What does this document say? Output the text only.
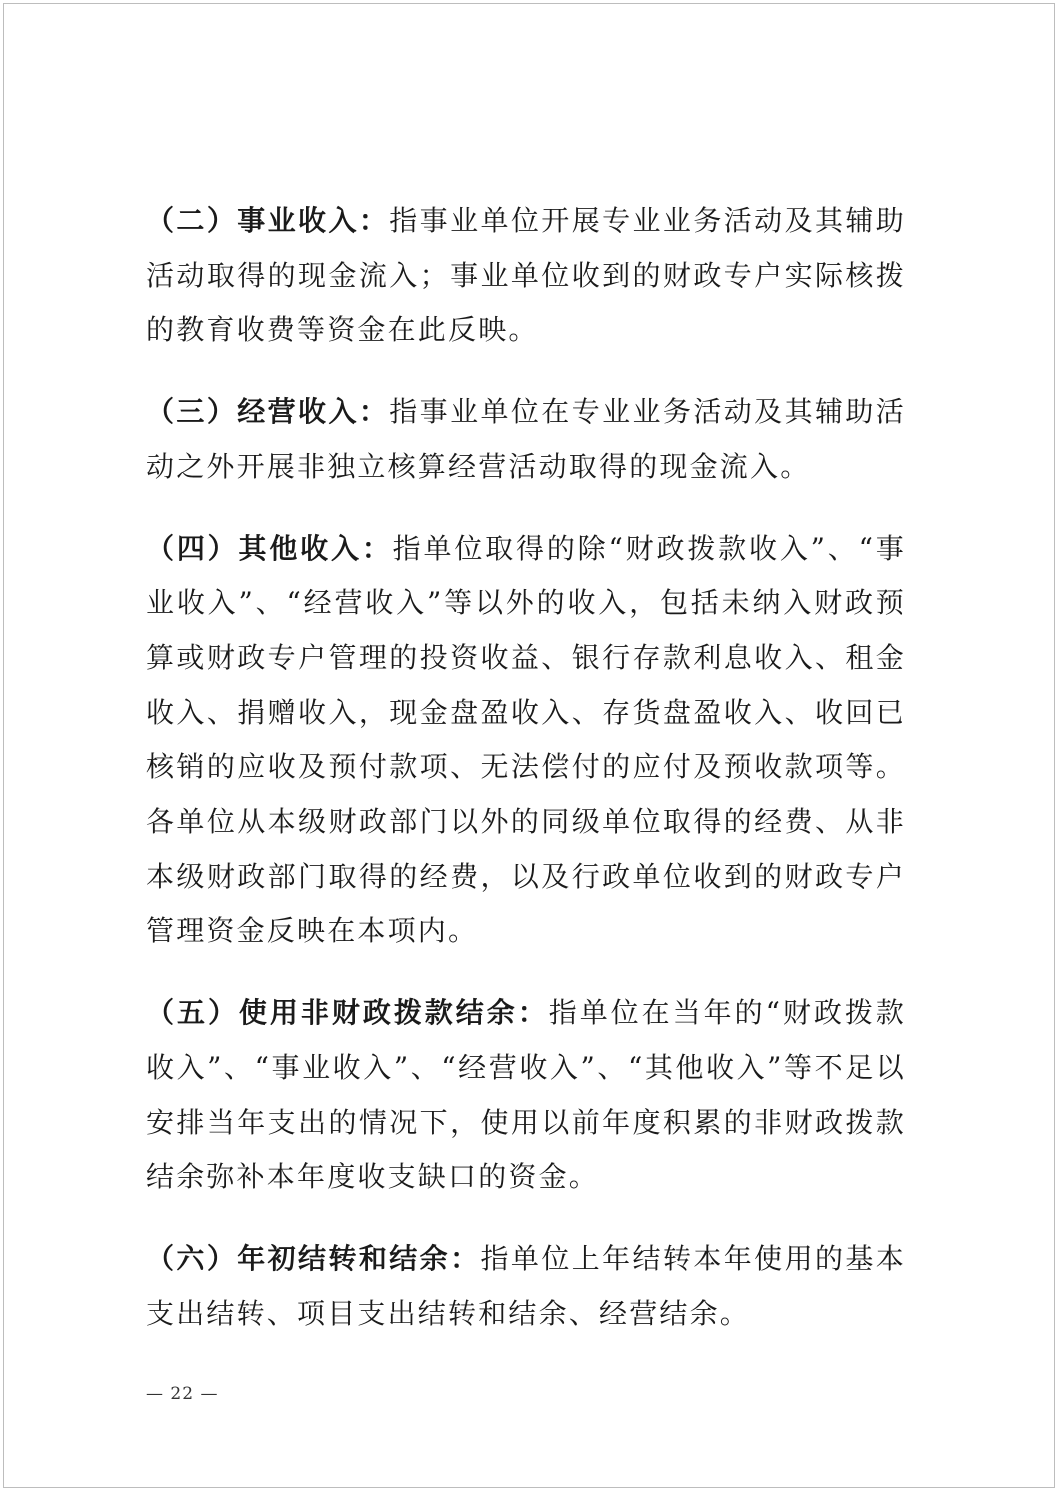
（二）事业收入：指事业单位开展专业业务活动及其辅助活动取得的现金流入；事业单位收到的财政专户实际核拨的教育收费等资金在此反映。

（三）经营收入：指事业单位在专业业务活动及其辅助活动之外开展非独立核算经营活动取得的现金流入。

（四）其他收入：指单位取得的除“财政拨款收入”、“事业收入”、“经营收入”等以外的收入，包括未纳入财政预算或财政专户管理的投资收益、银行存款利息收入、租金收入、捐赠收入，现金盘盈收入、存货盘盈收入、收回已核销的应收及预付款项、无法偿付的应付及预收款项等。各单位从本级财政部门以外的同级单位取得的经费、从非本级财政部门取得的经费，以及行政单位收到的财政专户管理资金反映在本项内。

（五）使用非财政拨款结余：指单位在当年的“财政拨款收入”、“事业收入”、“经营收入”、“其他收入”等不足以安排当年支出的情况下，使用以前年度积累的非财政拨款结余弥补本年度收支缺口的资金。

（六）年初结转和结余：指单位上年结转本年使用的基本支出结转、项目支出结转和结余、经营结余。

— 22 —
